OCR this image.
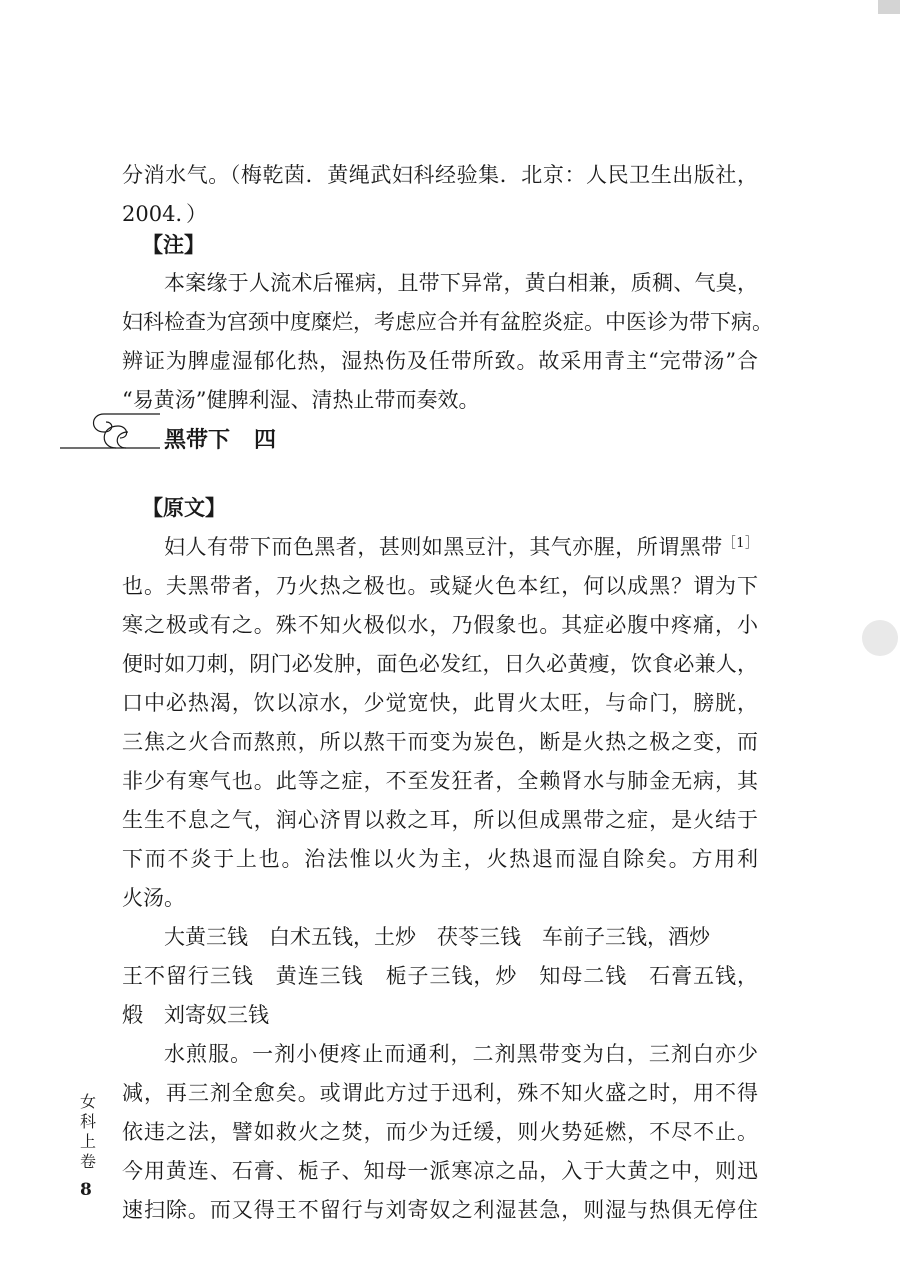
分消水气。（梅乾茵．黄绳武妇科经验集．北京：人民卫生出版社，

2004．）

【注】

本案缘于人流术后罹病，且带下异常，黄白相兼，质稠、气臭，

妇科检查为宫颈中度糜烂，考虑应合并有盆腔炎症。中医诊为带下病。

辨证为脾虚湿郁化热，湿热伤及任带所致。故采用青主“完带汤”合

“易黄汤”健脾利湿、清热止带而奏效。

黑带下 四
【原文】

妇人有带下而色黑者，甚则如黑豆汁，其气亦腥，所谓黑带$^{[1]}$

也。夫黑带者，乃火热之极也。或疑火色本红，何以成黑？谓为下

寒之极或有之。殊不知火极似水，乃假象也。其症必腹中疼痛，小

便时如刀刺，阴门必发肿，面色必发红，日久必黄瘦，饮食必兼人，

口中必热渴，饮以凉水，少觉宽快，此胃火太旺，与命门，膀胱，

三焦之火合而熬煎，所以熬干而变为炭色，断是火热之极之变，而

非少有寒气也。此等之症，不至发狂者，全赖肾水与肺金无病，其

生生不息之气，润心济胃以救之耳，所以但成黑带之症，是火结于

下而不炎于上也。治法惟以火为主，火热退而湿自除矣。方用利

火汤。

大黄三钱　白术五钱，土炒　茯苓三钱　车前子三钱，酒炒

王不留行三钱　黄连三钱　栀子三钱，炒　知母二钱　石膏五钱，

煅　刘寄奴三钱

水煎服。一剂小便疼止而通利，二剂黑带变为白，三剂白亦少

减，再三剂全愈矣。或谓此方过于迅利，殊不知火盛之时，用不得

依违之法，譬如救火之焚，而少为迁缓，则火势延燃，不尽不止。

今用黄连、石膏、栀子、知母一派寒凉之品，入于大黄之中，则迅

速扫除。而又得王不留行与刘寄奴之利湿甚急，则湿与热俱无停住

女
科
上
卷
8
